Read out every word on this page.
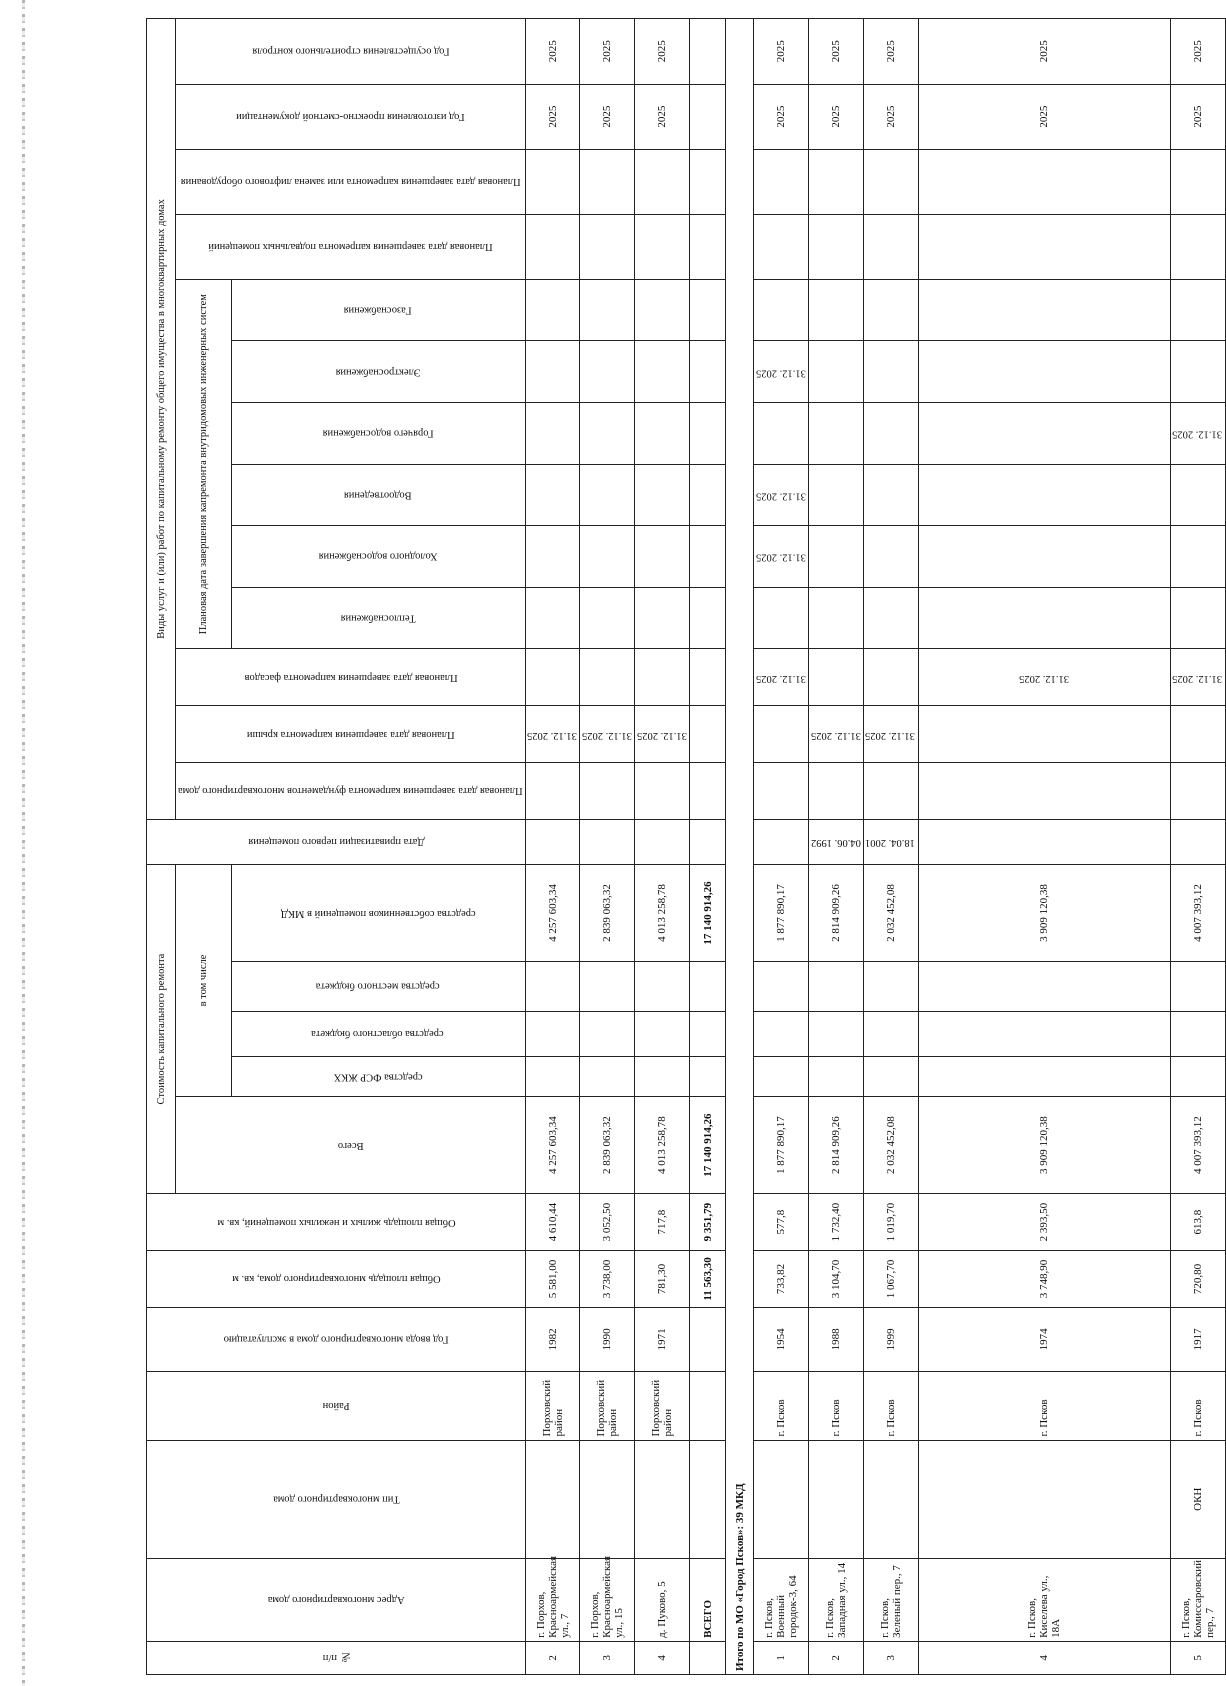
№ п/п	Адрес многоквартирного дома	Тип многоквартирного дома	Район	Год ввода многоквартирного дома в эксплуатацию	Общая площадь многоквартирного дома, кв. м	Общая площадь жилых и нежилых помещений, кв. м	Стоимость капитального ремонта					Дата приватизации первого помещения	Виды услуг и (или) работ по капитальному ремонту общего имущества в многоквартирных домах												
							Всего	в том числе					Плановая дата завершения капремонта фундаментов многоквартирного дома	Плановая дата завершения капремонта крыши	Плановая дата завершения капремонта фасадов	Плановая дата завершения капремонта внутридомовых инженерных систем						Плановая дата завершения капремонта подвальных помещений	Плановая дата завершения капремонта или замена лифтового оборудования	Год изготовления проектно-сметной документации	Год осуществления строительного контроля
								средства ФСР ЖКХ	средства областного бюджета	средства местного бюджета	средства собственников помещений в МКД					Теплоснабжения	Холодного водоснабжения	Водоотведения	Горячего водоснабжения	Электроснабжения	Газоснабжения				
2	г. Порхов, Красноармейская ул., 7		Порховский район	1982	5 581,00	4 610,44	4 257 603,34				4 257 603,34			31.12. 2025										2025	2025
3	г. Порхов, Красноармейская ул., 15		Порховский район	1990	3 738,00	3 052,50	2 839 063,32				2 839 063,32			31.12. 2025										2025	2025
4	д. Пуково, 5		Порховский район	1971	781,30	717,8	4 013 258,78				4 013 258,78			31.12. 2025										2025	2025
	ВСЕГО				11 563,30	9 351,79	17 140 914,26				17 140 914,26														
Итого по МО «Город Псков»: 39 МКД																									
1	г. Псков, Военный городок-3, 64		г. Псков	1954	733,82	577,8	1 877 890,17				1 877 890,17				31.12. 2025		31.12. 2025	31.12. 2025		31.12. 2025				2025	2025
2	г. Псков, Западная ул., 14		г. Псков	1988	3 104,70	1 732,40	2 814 909,26				2 814 909,26	04.06. 1992		31.12. 2025										2025	2025
3	г. Псков, Зеленый пер., 7		г. Псков	1999	1 067,70	1 019,70	2 032 452,08				2 032 452,08	18.04. 2001		31.12. 2025										2025	2025
4	г. Псков, Киселева ул., 18А		г. Псков	1974	3 748,90	2 393,50	3 909 120,38				3 909 120,38				31.12. 2025									2025	2025
5	г. Псков, Комиссаровский пер., 7	ОКН	г. Псков	1917	720,80	613,8	4 007 393,12				4 007 393,12				31.12. 2025				31.12. 2025					2025	2025
